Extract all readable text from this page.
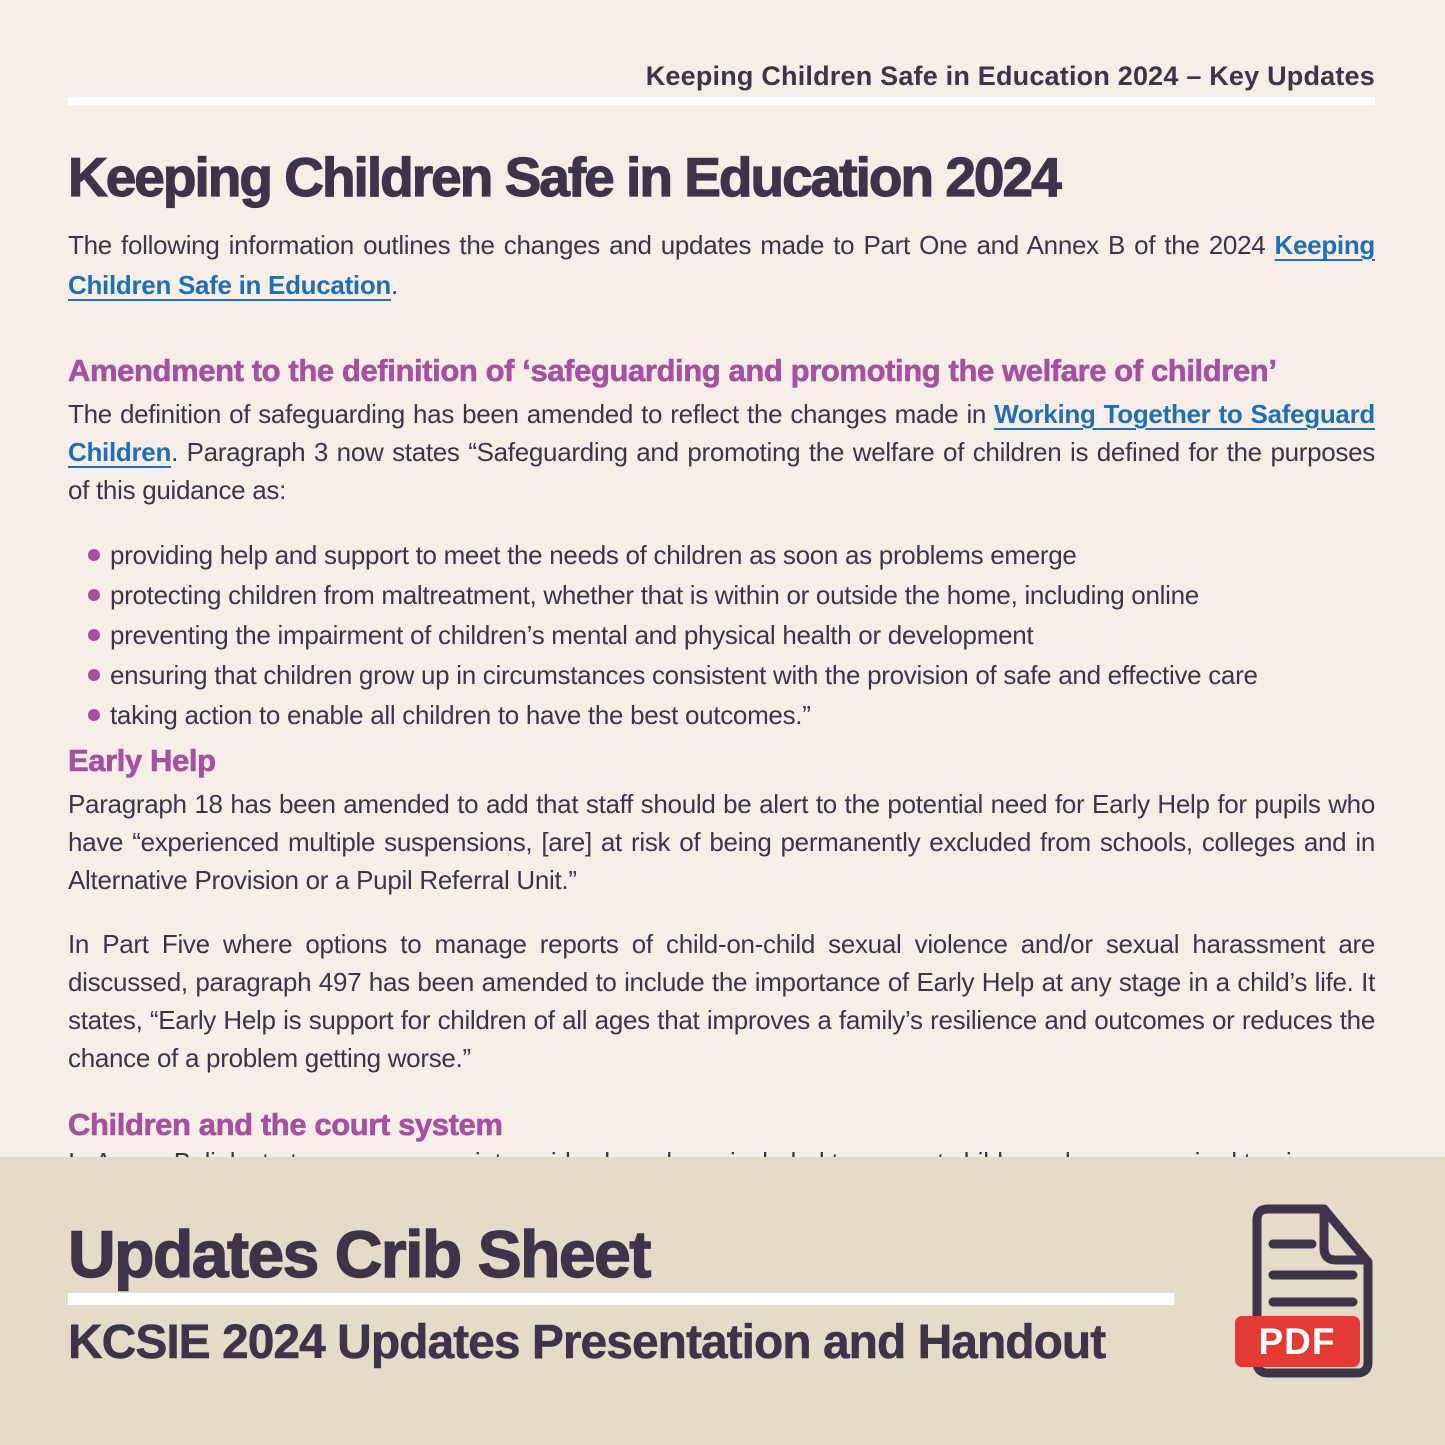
Keeping Children Safe in Education 2024 – Key Updates
Keeping Children Safe in Education 2024

The following information outlines the changes and updates made to Part One and Annex B of the 2024 Keeping Children Safe in Education.

Amendment to the definition of ‘safeguarding and promoting the welfare of children’

The definition of safeguarding has been amended to reflect the changes made in Working Together to Safeguard Children. Paragraph 3 now states “Safeguarding and promoting the welfare of children is defined for the purposes of this guidance as:

providing help and support to meet the needs of children as soon as problems emerge
protecting children from maltreatment, whether that is within or outside the home, including online
preventing the impairment of children’s mental and physical health or development
ensuring that children grow up in circumstances consistent with the provision of safe and effective care
taking action to enable all children to have the best outcomes.”
Early Help

Paragraph 18 has been amended to add that staff should be alert to the potential need for Early Help for pupils who have “experienced multiple suspensions, [are] at risk of being permanently excluded from schools, colleges and in Alternative Provision or a Pupil Referral Unit.”

In Part Five where options to manage reports of child-on-child sexual violence and/or sexual harassment are discussed, paragraph 497 has been amended to include the importance of Early Help at any stage in a child’s life. It states, “Early Help is support for children of all ages that improves a family’s resilience and outcomes or reduces the chance of a problem getting worse.”

Children and the court system

Updates Crib Sheet
KCSIE 2024 Updates Presentation and Handout	PDF
